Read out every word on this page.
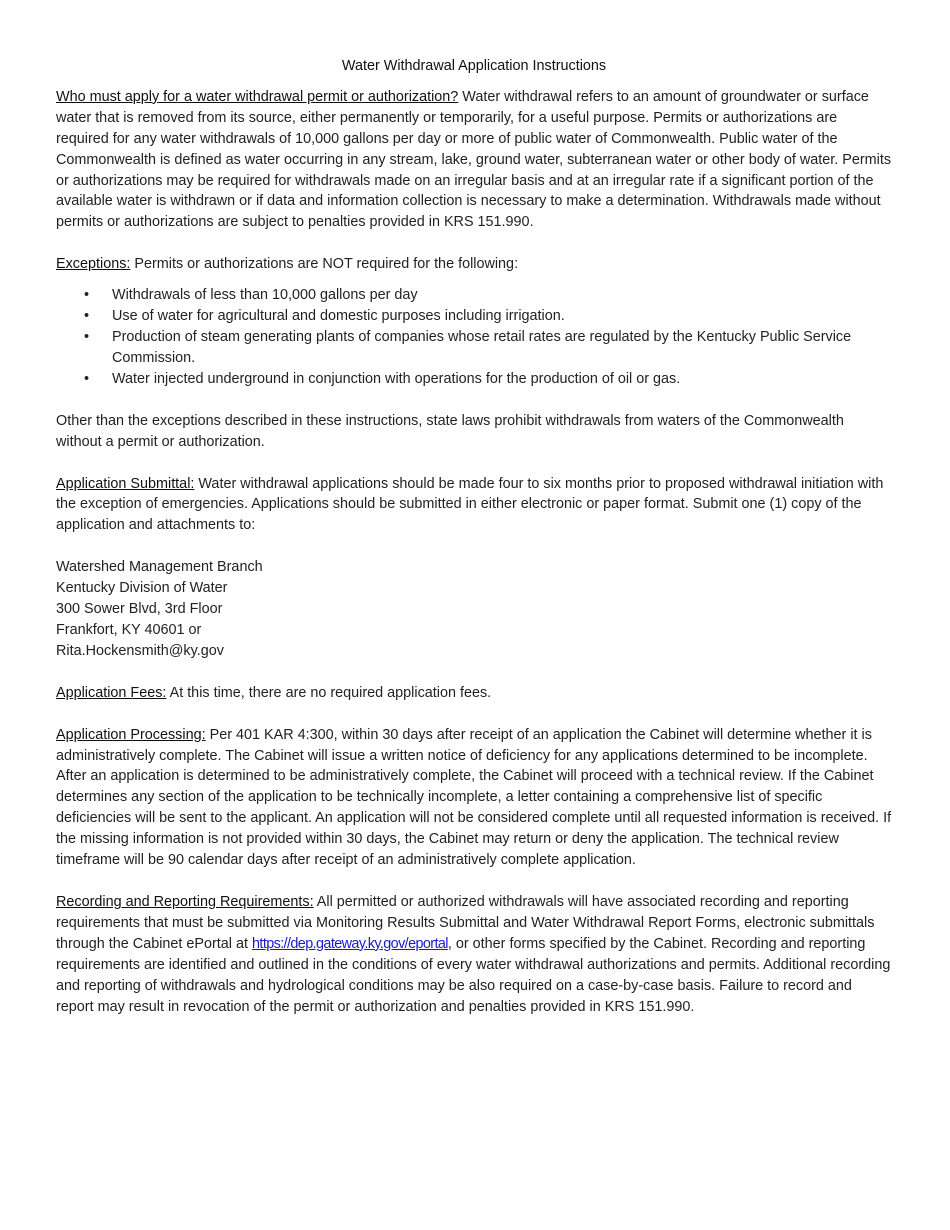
Water Withdrawal Application Instructions

Who must apply for a water withdrawal permit or authorization? Water withdrawal refers to an amount of groundwater or surface water that is removed from its source, either permanently or temporarily, for a useful purpose. Permits or authorizations are required for any water withdrawals of 10,000 gallons per day or more of public water of Commonwealth. Public water of the Commonwealth is defined as water occurring in any stream, lake, ground water, subterranean water or other body of water. Permits or authorizations may be required for withdrawals made on an irregular basis and at an irregular rate if a significant portion of the available water is withdrawn or if data and information collection is necessary to make a determination. Withdrawals made without permits or authorizations are subject to penalties provided in KRS 151.990.

Exceptions: Permits or authorizations are NOT required for the following:

• Withdrawals of less than 10,000 gallons per day
• Use of water for agricultural and domestic purposes including irrigation.
• Production of steam generating plants of companies whose retail rates are regulated by the Kentucky Public Service Commission.
• Water injected underground in conjunction with operations for the production of oil or gas.

Other than the exceptions described in these instructions, state laws prohibit withdrawals from waters of the Commonwealth without a permit or authorization.

Application Submittal: Water withdrawal applications should be made four to six months prior to proposed withdrawal initiation with the exception of emergencies. Applications should be submitted in either electronic or paper format. Submit one (1) copy of the application and attachments to:

Watershed Management Branch
Kentucky Division of Water
300 Sower Blvd, 3rd Floor
Frankfort, KY 40601 or
Rita.Hockensmith@ky.gov

Application Fees: At this time, there are no required application fees.

Application Processing: Per 401 KAR 4:300, within 30 days after receipt of an application the Cabinet will determine whether it is administratively complete. The Cabinet will issue a written notice of deficiency for any applications determined to be incomplete. After an application is determined to be administratively complete, the Cabinet will proceed with a technical review. If the Cabinet determines any section of the application to be technically incomplete, a letter containing a comprehensive list of specific deficiencies will be sent to the applicant. An application will not be considered complete until all requested information is received. If the missing information is not provided within 30 days, the Cabinet may return or deny the application. The technical review timeframe will be 90 calendar days after receipt of an administratively complete application.

Recording and Reporting Requirements: All permitted or authorized withdrawals will have associated recording and reporting requirements that must be submitted via Monitoring Results Submittal and Water Withdrawal Report Forms, electronic submittals through the Cabinet ePortal at https://dep.gateway.ky.gov/eportal, or other forms specified by the Cabinet. Recording and reporting requirements are identified and outlined in the conditions of every water withdrawal authorizations and permits. Additional recording and reporting of withdrawals and hydrological conditions may be also required on a case-by-case basis. Failure to record and report may result in revocation of the permit or authorization and penalties provided in KRS 151.990.
